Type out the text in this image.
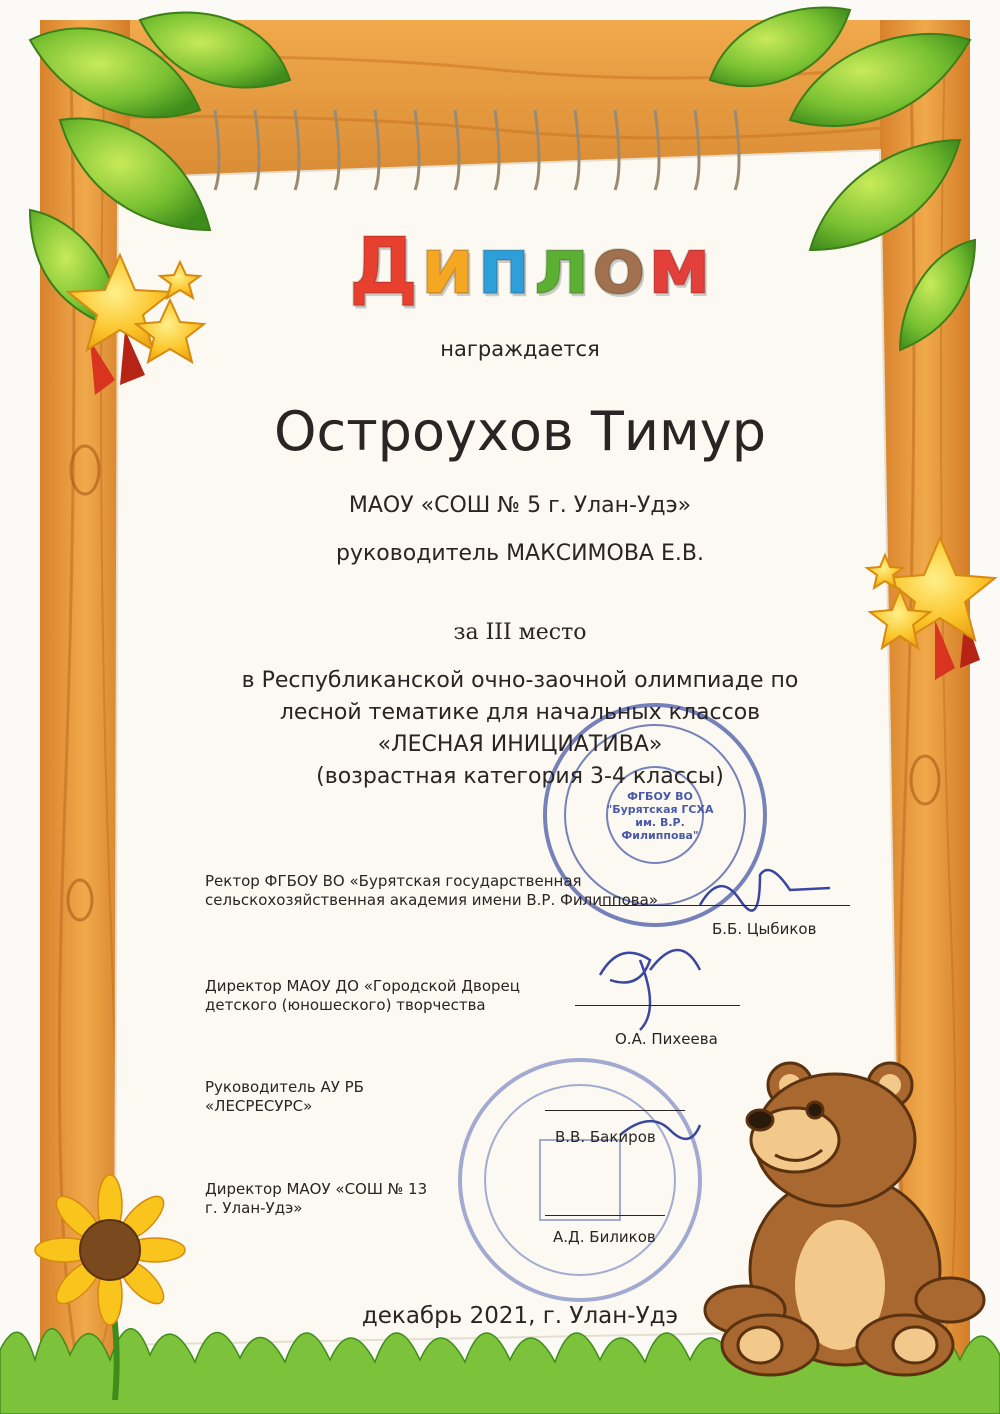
Д и п л о м
награждается
Остроухов Тимур
МАОУ «СОШ № 5 г. Улан-Удэ»
руководитель МАКСИМОВА Е.В.
за III место
в Республиканской очно-заочной олимпиаде по
лесной тематике для начальных классов
«ЛЕСНАЯ ИНИЦИАТИВА»
(возрастная категория 3-4 классы)
ФГБОУ ВО
"Бурятская ГСХА
им. В.Р. Филиппова"
Ректор ФГБОУ ВО «Бурятская государственная
сельскохозяйственная академия имени В.Р. Филиппова»
Б.Б. Цыбиков
Директор МАОУ ДО «Городской Дворец
детского (юношеского) творчества
О.А. Пихеева
Руководитель АУ РБ
«ЛЕСРЕСУРС»
В.В. Бакиров
Директор МАОУ «СОШ № 13
г. Улан-Удэ»
А.Д. Биликов
декабрь 2021, г. Улан-Удэ
